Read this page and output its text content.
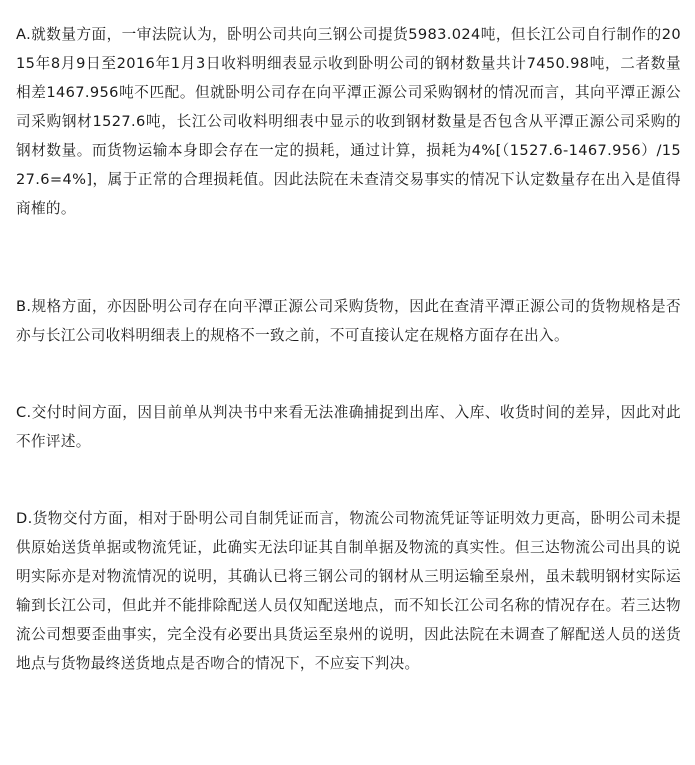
A.就数量方面，一审法院认为，卧明公司共向三钢公司提货5983.024吨，但长江公司自行制作的2015年8月9日至2016年1月3日收料明细表显示收到卧明公司的钢材数量共计7450.98吨，二者数量相差1467.956吨不匹配。但就卧明公司存在向平潭正源公司采购钢材的情况而言，其向平潭正源公司采购钢材1527.6吨，长江公司收料明细表中显示的收到钢材数量是否包含从平潭正源公司采购的钢材数量。而货物运输本身即会存在一定的损耗，通过计算，损耗为4%[（1527.6-1467.956）/1527.6=4%]，属于正常的合理损耗值。因此法院在未查清交易事实的情况下认定数量存在出入是值得商榷的。

B.规格方面，亦因卧明公司存在向平潭正源公司采购货物，因此在查清平潭正源公司的货物规格是否亦与长江公司收料明细表上的规格不一致之前，不可直接认定在规格方面存在出入。

C.交付时间方面，因目前单从判决书中来看无法准确捕捉到出库、入库、收货时间的差异，因此对此不作评述。

D.货物交付方面，相对于卧明公司自制凭证而言，物流公司物流凭证等证明效力更高，卧明公司未提供原始送货单据或物流凭证，此确实无法印证其自制单据及物流的真实性。但三达物流公司出具的说明实际亦是对物流情况的说明，其确认已将三钢公司的钢材从三明运输至泉州，虽未载明钢材实际运输到长江公司，但此并不能排除配送人员仅知配送地点，而不知长江公司名称的情况存在。若三达物流公司想要歪曲事实，完全没有必要出具货运至泉州的说明，因此法院在未调查了解配送人员的送货地点与货物最终送货地点是否吻合的情况下，不应妄下判决。
